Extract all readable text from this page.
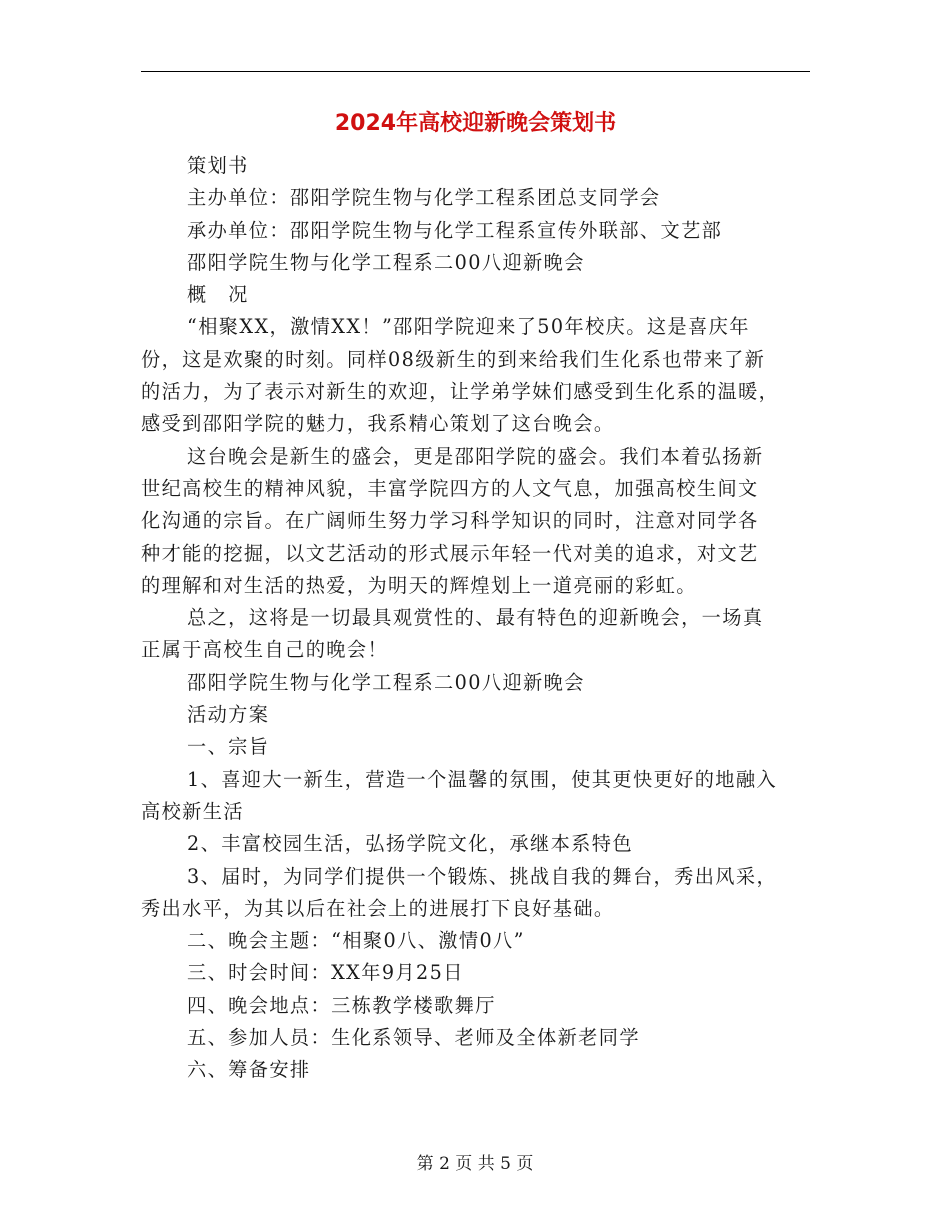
2024年高校迎新晚会策划书

策划书

主办单位：邵阳学院生物与化学工程系团总支同学会

承办单位：邵阳学院生物与化学工程系宣传外联部、文艺部

邵阳学院生物与化学工程系二00八迎新晚会

概　况

“相聚XX，激情XX！”邵阳学院迎来了50年校庆。这是喜庆年

份，这是欢聚的时刻。同样08级新生的到来给我们生化系也带来了新

的活力，为了表示对新生的欢迎，让学弟学妹们感受到生化系的温暖，

感受到邵阳学院的魅力，我系精心策划了这台晚会。

这台晚会是新生的盛会，更是邵阳学院的盛会。我们本着弘扬新

世纪高校生的精神风貌，丰富学院四方的人文气息，加强高校生间文

化沟通的宗旨。在广阔师生努力学习科学知识的同时，注意对同学各

种才能的挖掘，以文艺活动的形式展示年轻一代对美的追求，对文艺

的理解和对生活的热爱，为明天的辉煌划上一道亮丽的彩虹。

总之，这将是一切最具观赏性的、最有特色的迎新晚会，一场真

正属于高校生自己的晚会！

邵阳学院生物与化学工程系二00八迎新晚会

活动方案

一、宗旨

1、喜迎大一新生，营造一个温馨的氛围，使其更快更好的地融入

高校新生活

2、丰富校园生活，弘扬学院文化，承继本系特色

3、届时，为同学们提供一个锻炼、挑战自我的舞台，秀出风采，

秀出水平，为其以后在社会上的进展打下良好基础。

二、晚会主题：“相聚0八、激情0八”

三、时会时间：XX年9月25日

四、晚会地点：三栋教学楼歌舞厅

五、参加人员：生化系领导、老师及全体新老同学

六、筹备安排

第 2 页 共 5 页
